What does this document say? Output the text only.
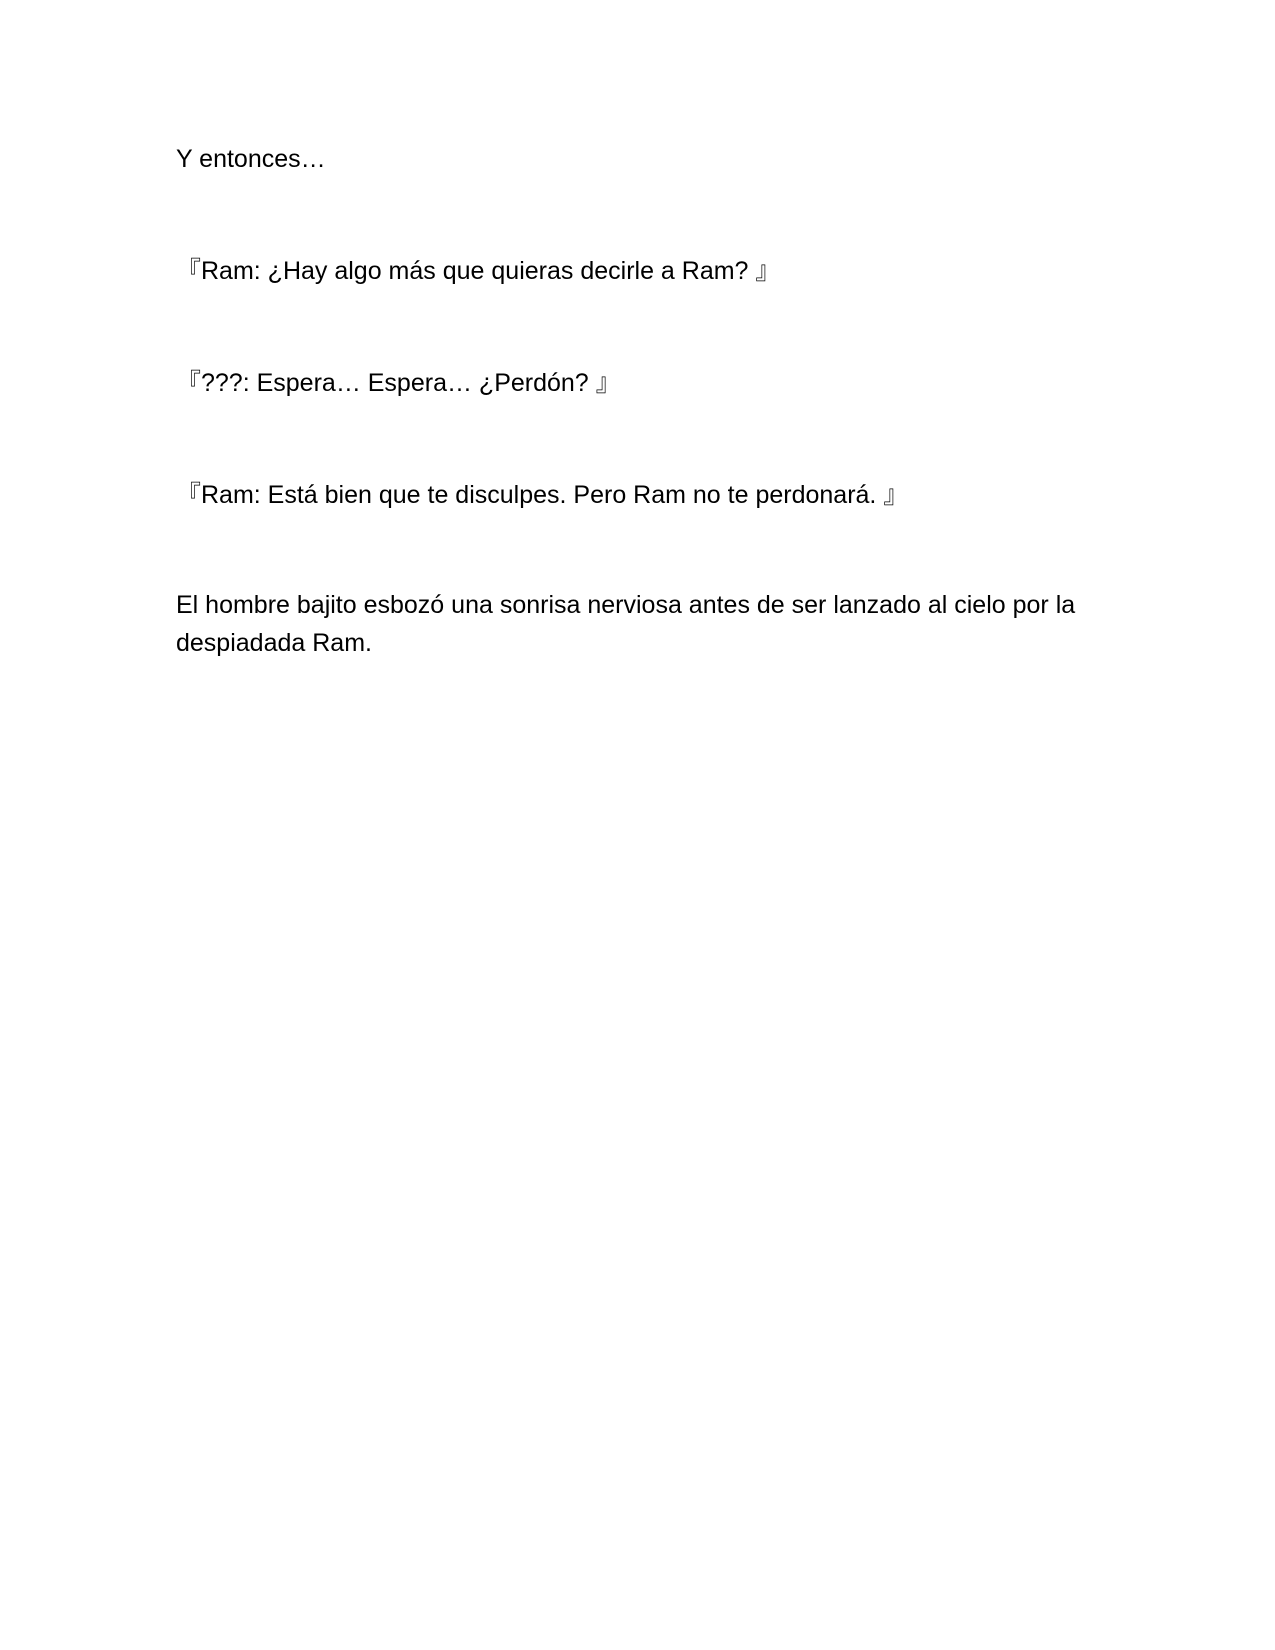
Y entonces…

『Ram: ¿Hay algo más que quieras decirle a Ram? 』

『???: Espera… Espera… ¿Perdón? 』

『Ram: Está bien que te disculpes. Pero Ram no te perdonará. 』

El hombre bajito esbozó una sonrisa nerviosa antes de ser lanzado al cielo por la despiadada Ram.
